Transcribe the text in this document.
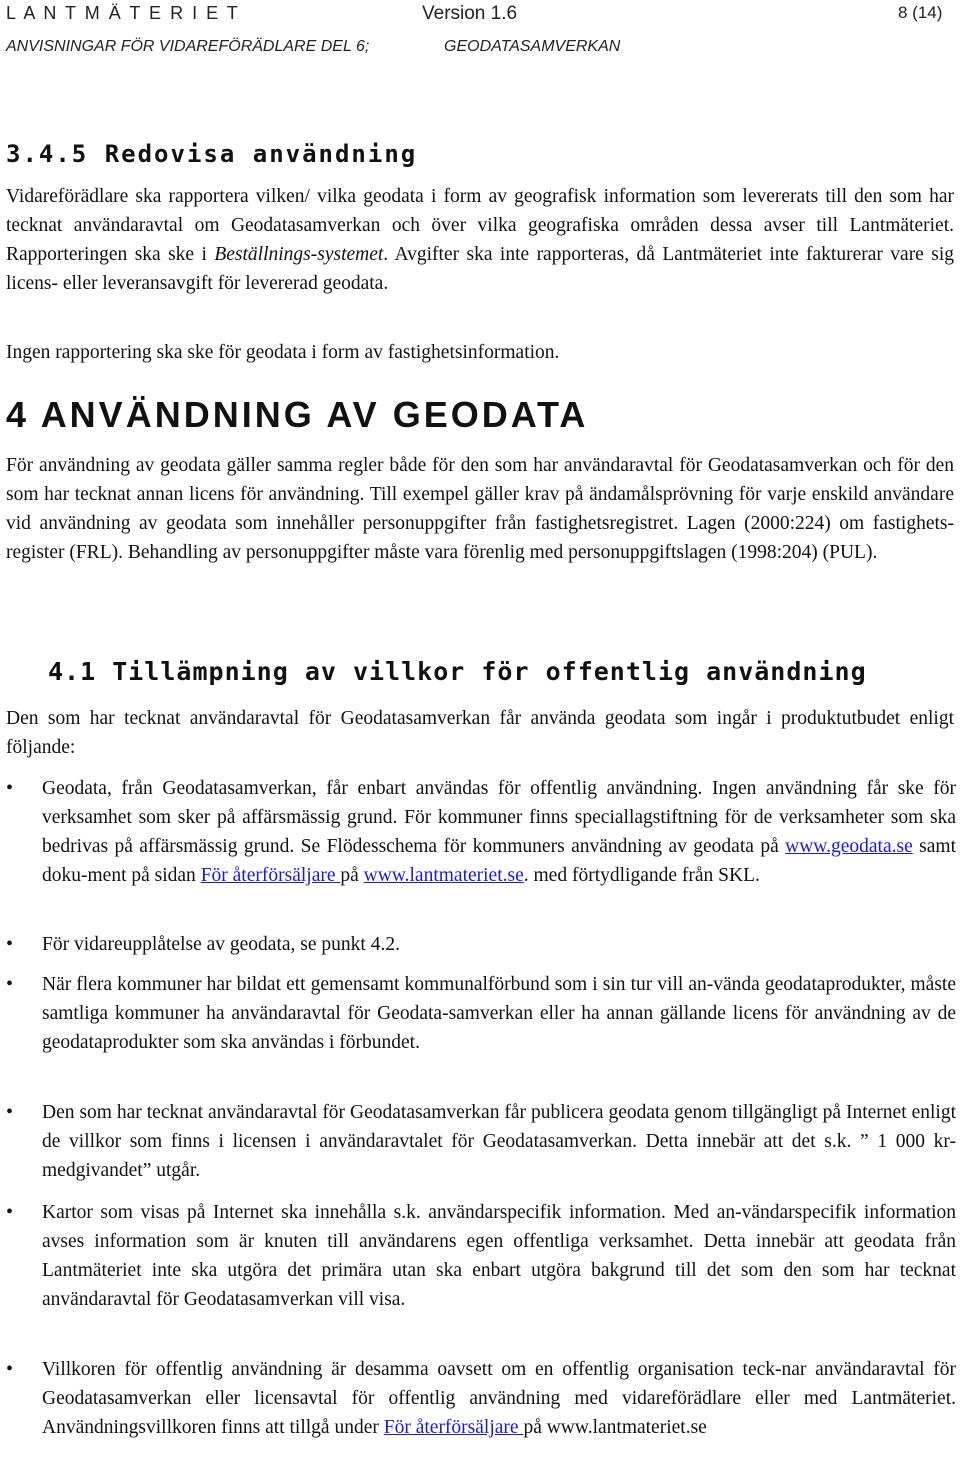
L A N T M Ä T E R I E T	Version 1.6	8 (14)
ANVISNINGAR FÖR VIDAREFÖRÄDLARE DEL 6;	GEODATASAMVERKAN
3.4.5 Redovisa användning

Vidareförädlare ska rapportera vilken/ vilka geodata i form av geografisk information som levererats till den som har tecknat användaravtal om Geodatasamverkan och över vilka geografiska områden dessa avser till Lantmäteriet. Rapporteringen ska ske i Beställnings-systemet. Avgifter ska inte rapporteras, då Lantmäteriet inte fakturerar vare sig licens- eller leveransavgift för levererad geodata.

Ingen rapportering ska ske för geodata i form av fastighetsinformation.

4 ANVÄNDNING AV GEODATA

För användning av geodata gäller samma regler både för den som har användaravtal för Geodatasamverkan och för den som har tecknat annan licens för användning. Till exempel gäller krav på ändamålsprövning för varje enskild användare vid användning av geodata som innehåller personuppgifter från fastighetsregistret. Lagen (2000:224) om fastighets-register (FRL). Behandling av personuppgifter måste vara förenlig med personuppgiftslagen (1998:204) (PUL).

4.1 Tillämpning av villkor för offentlig användning

Den som har tecknat användaravtal för Geodatasamverkan får använda geodata som ingår i produktutbudet enligt följande:

• Geodata, från Geodatasamverkan, får enbart användas för offentlig användning. Ingen användning får ske för verksamhet som sker på affärsmässig grund. För kommuner finns speciallagstiftning för de verksamheter som ska bedrivas på affärsmässig grund. Se Flödesschema för kommuners användning av geodata på www.geodata.se samt doku-ment på sidan För återförsäljare på www.lantmateriet.se. med förtydligande från SKL.

• För vidareupplåtelse av geodata, se punkt 4.2.

• När flera kommuner har bildat ett gemensamt kommunalförbund som i sin tur vill an-vända geodataprodukter, måste samtliga kommuner ha användaravtal för Geodata-samverkan eller ha annan gällande licens för användning av de geodataprodukter som ska användas i förbundet.

• Den som har tecknat användaravtal för Geodatasamverkan får publicera geodata genom tillgängligt på Internet enligt de villkor som finns i licensen i användaravtalet för Geodatasamverkan. Detta innebär att det s.k. ” 1 000 kr-medgivandet” utgår.

• Kartor som visas på Internet ska innehålla s.k. användarspecifik information. Med an-vändarspecifik information avses information som är knuten till användarens egen offentliga verksamhet. Detta innebär att geodata från Lantmäteriet inte ska utgöra det primära utan ska enbart utgöra bakgrund till det som den som har tecknat användaravtal för Geodatasamverkan vill visa.

• Villkoren för offentlig användning är desamma oavsett om en offentlig organisation teck-nar användaravtal för Geodatasamverkan eller licensavtal för offentlig användning med vidareförädlare eller med Lantmäteriet. Användningsvillkoren finns att tillgå under För återförsäljare på www.lantmateriet.se
